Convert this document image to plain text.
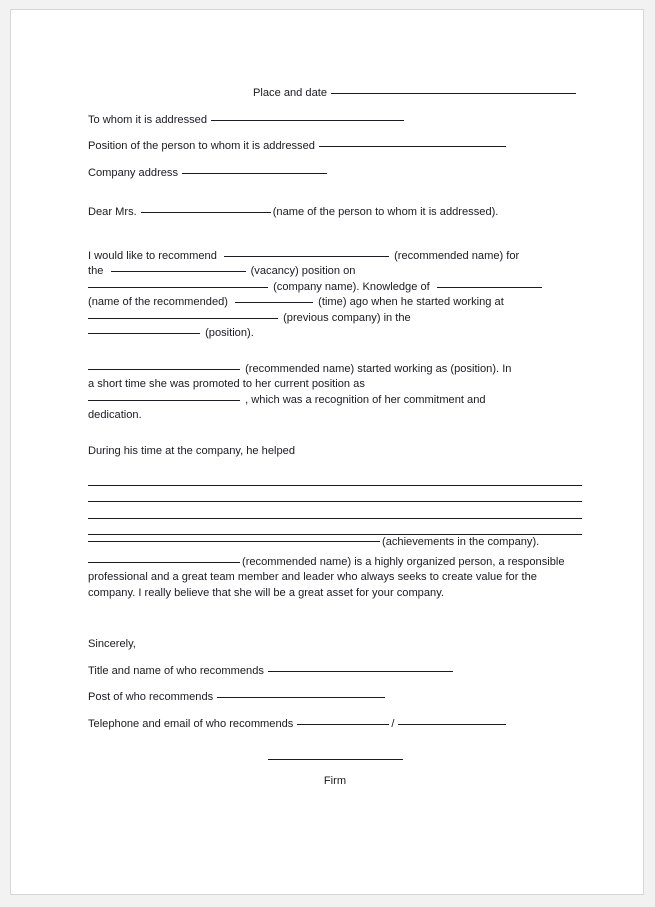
Place and date
To whom it is addressed
Position of the person to whom it is addressed
Company address
Dear Mrs.	(name of the person to whom it is addressed).
I would like to recommend	(recommended name) for
the	(vacancy) position on
(company name). Knowledge of
(name of the recommended)	(time) ago when he started working at
(previous company) in the
(position).
(recommended name) started working as (position). In
a short time she was promoted to her current position as
, which was a recognition of her commitment and
dedication.
During his time at the company, he helped
(achievements in the company).
(recommended name) is a highly organized person, a responsible professional and a great team member and leader who always seeks to create value for the company. I really believe that she will be a great asset for your company.
Sincerely,
Title and name of who recommends
Post of who recommends
Telephone and email of who recommends	/
Firm
